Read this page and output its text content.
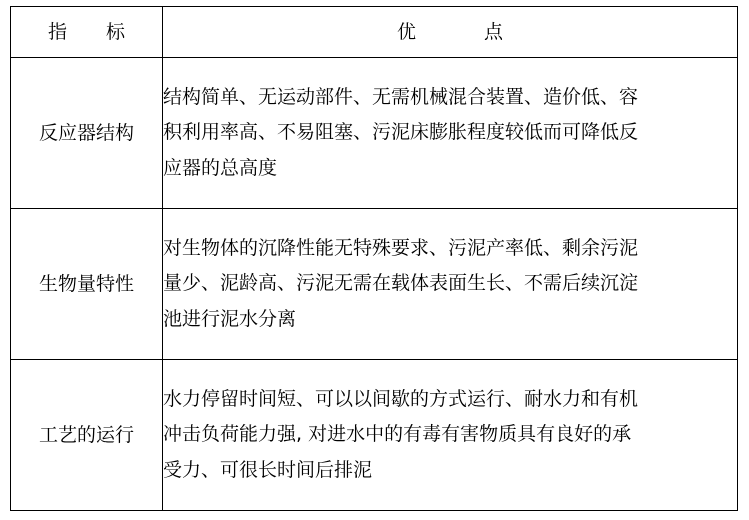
指　标	优　　点
反应器结构	结构简单、无运动部件、无需机械混合装置、造价低、容
积利用率高、不易阻塞、污泥床膨胀程度较低而可降低反
应器的总高度

生物量特性	对生物体的沉降性能无特殊要求、污泥产率低、剩余污泥
量少、泥龄高、污泥无需在载体表面生长、不需后续沉淀
池进行泥水分离

工艺的运行	水力停留时间短、可以以间歇的方式运行、耐水力和有机
冲击负荷能力强, 对进水中的有毒有害物质具有良好的承
受力、可很长时间后排泥
